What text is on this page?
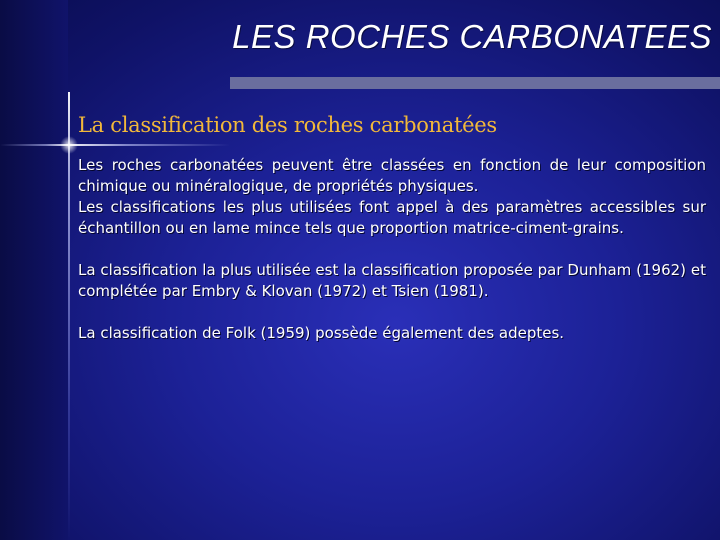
LES ROCHES CARBONATEES
La classification des roches carbonatées

Les roches carbonatées peuvent être classées en fonction de leur composition chimique ou minéralogique, de propriétés physiques.

Les classifications les plus utilisées font appel à des paramètres accessibles sur échantillon ou en lame mince tels que proportion matrice-ciment-grains.

La classification la plus utilisée est la classification proposée par Dunham (1962) et complétée par Embry & Klovan (1972) et Tsien (1981).

La classification de Folk (1959) possède également des adeptes.
